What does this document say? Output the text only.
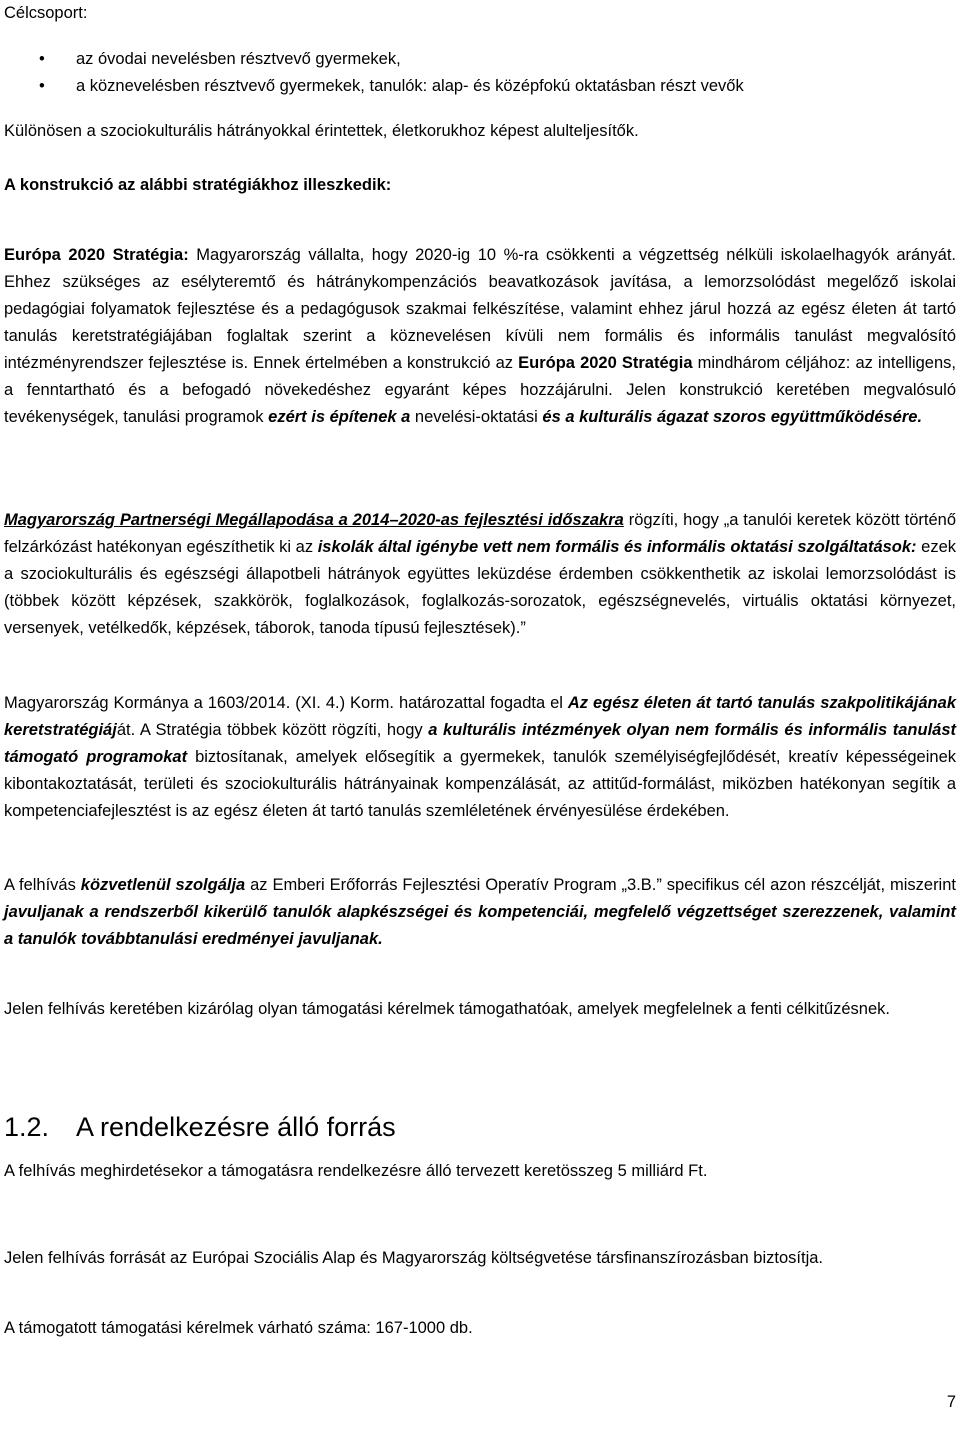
Célcsoport:

• az óvodai nevelésben résztvevő gyermekek,
• a köznevelésben résztvevő gyermekek, tanulók: alap- és középfokú oktatásban részt vevők

Különösen a szociokulturális hátrányokkal érintettek, életkorukhoz képest alulteljesítők.

A konstrukció az alábbi stratégiákhoz illeszkedik:

Európa 2020 Stratégia: Magyarország vállalta, hogy 2020-ig 10 %-ra csökkenti a végzettség nélküli iskolaelhagyók arányát. Ehhez szükséges az esélyteremtő és hátránykompenzációs beavatkozások javítása, a lemorzsolódást megelőző iskolai pedagógiai folyamatok fejlesztése és a pedagógusok szakmai felkészítése, valamint ehhez járul hozzá az egész életen át tartó tanulás keretstratégiájában foglaltak szerint a köznevelésen kívüli nem formális és informális tanulást megvalósító intézményrendszer fejlesztése is. Ennek értelmében a konstrukció az Európa 2020 Stratégia mindhárom céljához: az intelligens, a fenntartható és a befogadó növekedéshez egyaránt képes hozzájárulni. Jelen konstrukció keretében megvalósuló tevékenységek, tanulási programok ezért is építenek a nevelési-oktatási és a kulturális ágazat szoros együttműködésére.

Magyarország Partnerségi Megállapodása a 2014–2020-as fejlesztési időszakra rögzíti, hogy „a tanulói keretek között történő felzárkózást hatékonyan egészíthetik ki az iskolák által igénybe vett nem formális és informális oktatási szolgáltatások: ezek a szociokulturális és egészségi állapotbeli hátrányok együttes leküzdése érdemben csökkenthetik az iskolai lemorzsolódást is (többek között képzések, szakkörök, foglalkozások, foglalkozás-sorozatok, egészségnevelés, virtuális oktatási környezet, versenyek, vetélkedők, képzések, táborok, tanoda típusú fejlesztések).”

Magyarország Kormánya a 1603/2014. (XI. 4.) Korm. határozattal fogadta el Az egész életen át tartó tanulás szakpolitikájának keretstratégiáját. A Stratégia többek között rögzíti, hogy a kulturális intézmények olyan nem formális és informális tanulást támogató programokat biztosítanak, amelyek elősegítik a gyermekek, tanulók személyiségfejlődését, kreatív képességeinek kibontakoztatását, területi és szociokulturális hátrányainak kompenzálását, az attitűd-formálást, miközben hatékonyan segítik a kompetenciafejlesztést is az egész életen át tartó tanulás szemléletének érvényesülése érdekében.

A felhívás közvetlenül szolgálja az Emberi Erőforrás Fejlesztési Operatív Program „3.B.” specifikus cél azon részcélját, miszerint javuljanak a rendszerből kikerülő tanulók alapkészségei és kompetenciái, megfelelő végzettséget szerezzenek, valamint a tanulók továbbtanulási eredményei javuljanak.

Jelen felhívás keretében kizárólag olyan támogatási kérelmek támogathatóak, amelyek megfelelnek a fenti célkitűzésnek.

1.2. A rendelkezésre álló forrás

A felhívás meghirdetésekor a támogatásra rendelkezésre álló tervezett keretösszeg 5 milliárd Ft.

Jelen felhívás forrását az Európai Szociális Alap és Magyarország költségvetése társfinanszírozásban biztosítja.

A támogatott támogatási kérelmek várható száma: 167-1000 db.

7
